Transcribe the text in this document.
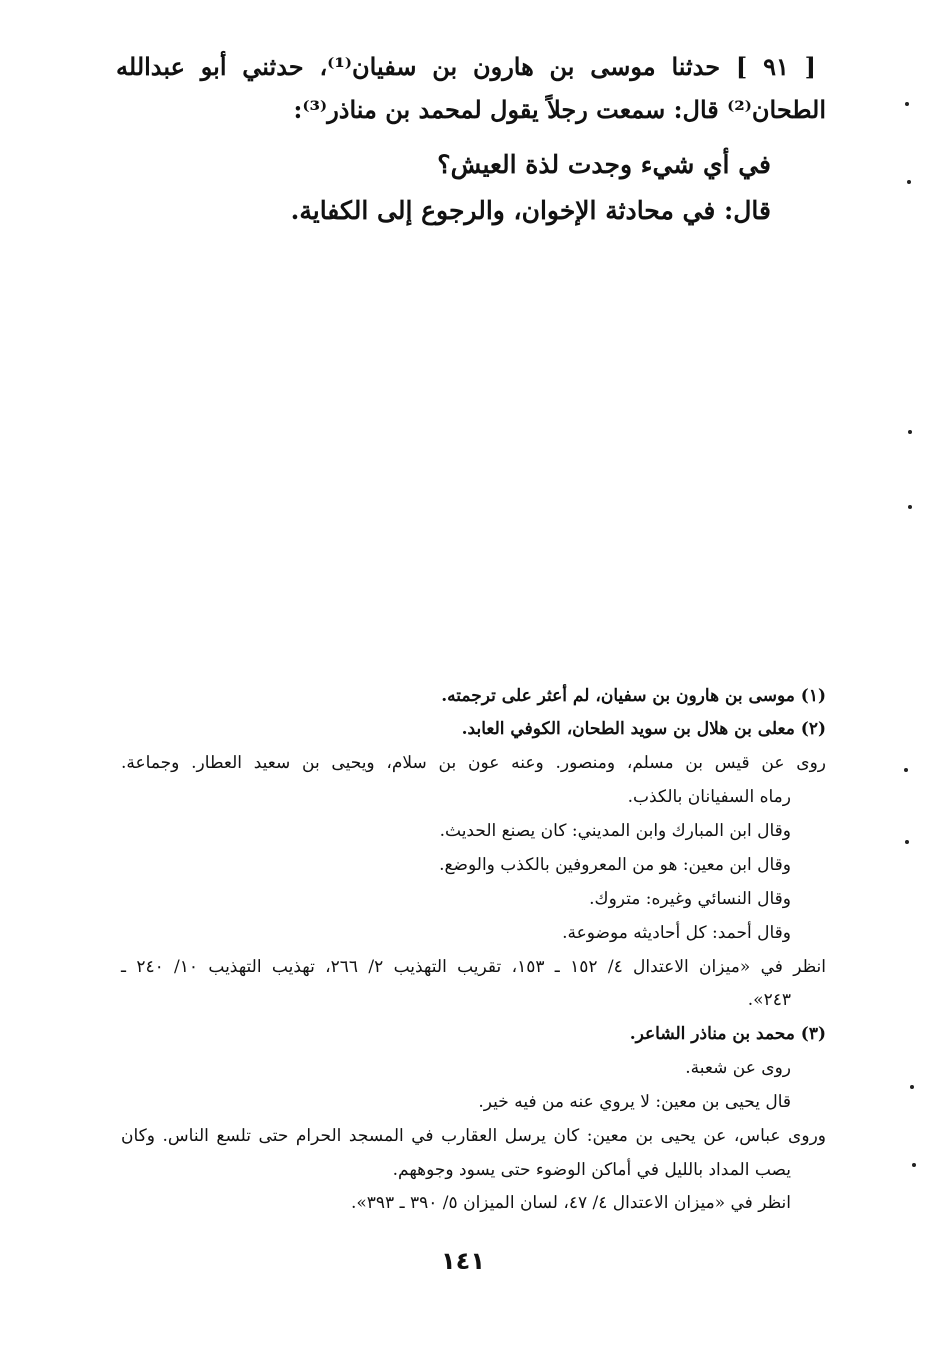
[ ٩١ ] حدثنا موسى بن هارون بن سفيان⁽¹⁾، حدثني أبو عبدالله
الطحان⁽²⁾ قال: سمعت رجلاً يقول لمحمد بن مناذر⁽³⁾:
في أي شيء وجدت لذة العيش؟
قال: في محادثة الإخوان، والرجوع إلى الكفاية.
(١) موسى بن هارون بن سفيان، لم أعثر على ترجمته.
(٢) معلى بن هلال بن سويد الطحان، الكوفي العابد.
روى عن قيس بن مسلم، ومنصور. وعنه عون بن سلام، ويحيى بن سعيد العطار. وجماعة.
رماه السفيانان بالكذب.
وقال ابن المبارك وابن المديني: كان يصنع الحديث.
وقال ابن معين: هو من المعروفين بالكذب والوضع.
وقال النسائي وغيره: متروك.
وقال أحمد: كل أحاديثه موضوعة.
انظر في «ميزان الاعتدال ٤/ ١٥٢ ـ ١٥٣، تقريب التهذيب ٢/ ٢٦٦، تهذيب التهذيب ١٠/ ٢٤٠ ـ
٢٤٣».
(٣) محمد بن مناذر الشاعر.
روى عن شعبة.
قال يحيى بن معين: لا يروي عنه من فيه خير.
وروى عباس، عن يحيى بن معين: كان يرسل العقارب في المسجد الحرام حتى تلسع الناس. وكان
يصب المداد بالليل في أماكن الوضوء حتى يسود وجوههم.
انظر في «ميزان الاعتدال ٤/ ٤٧، لسان الميزان ٥/ ٣٩٠ ـ ٣٩٣».
١٤١
